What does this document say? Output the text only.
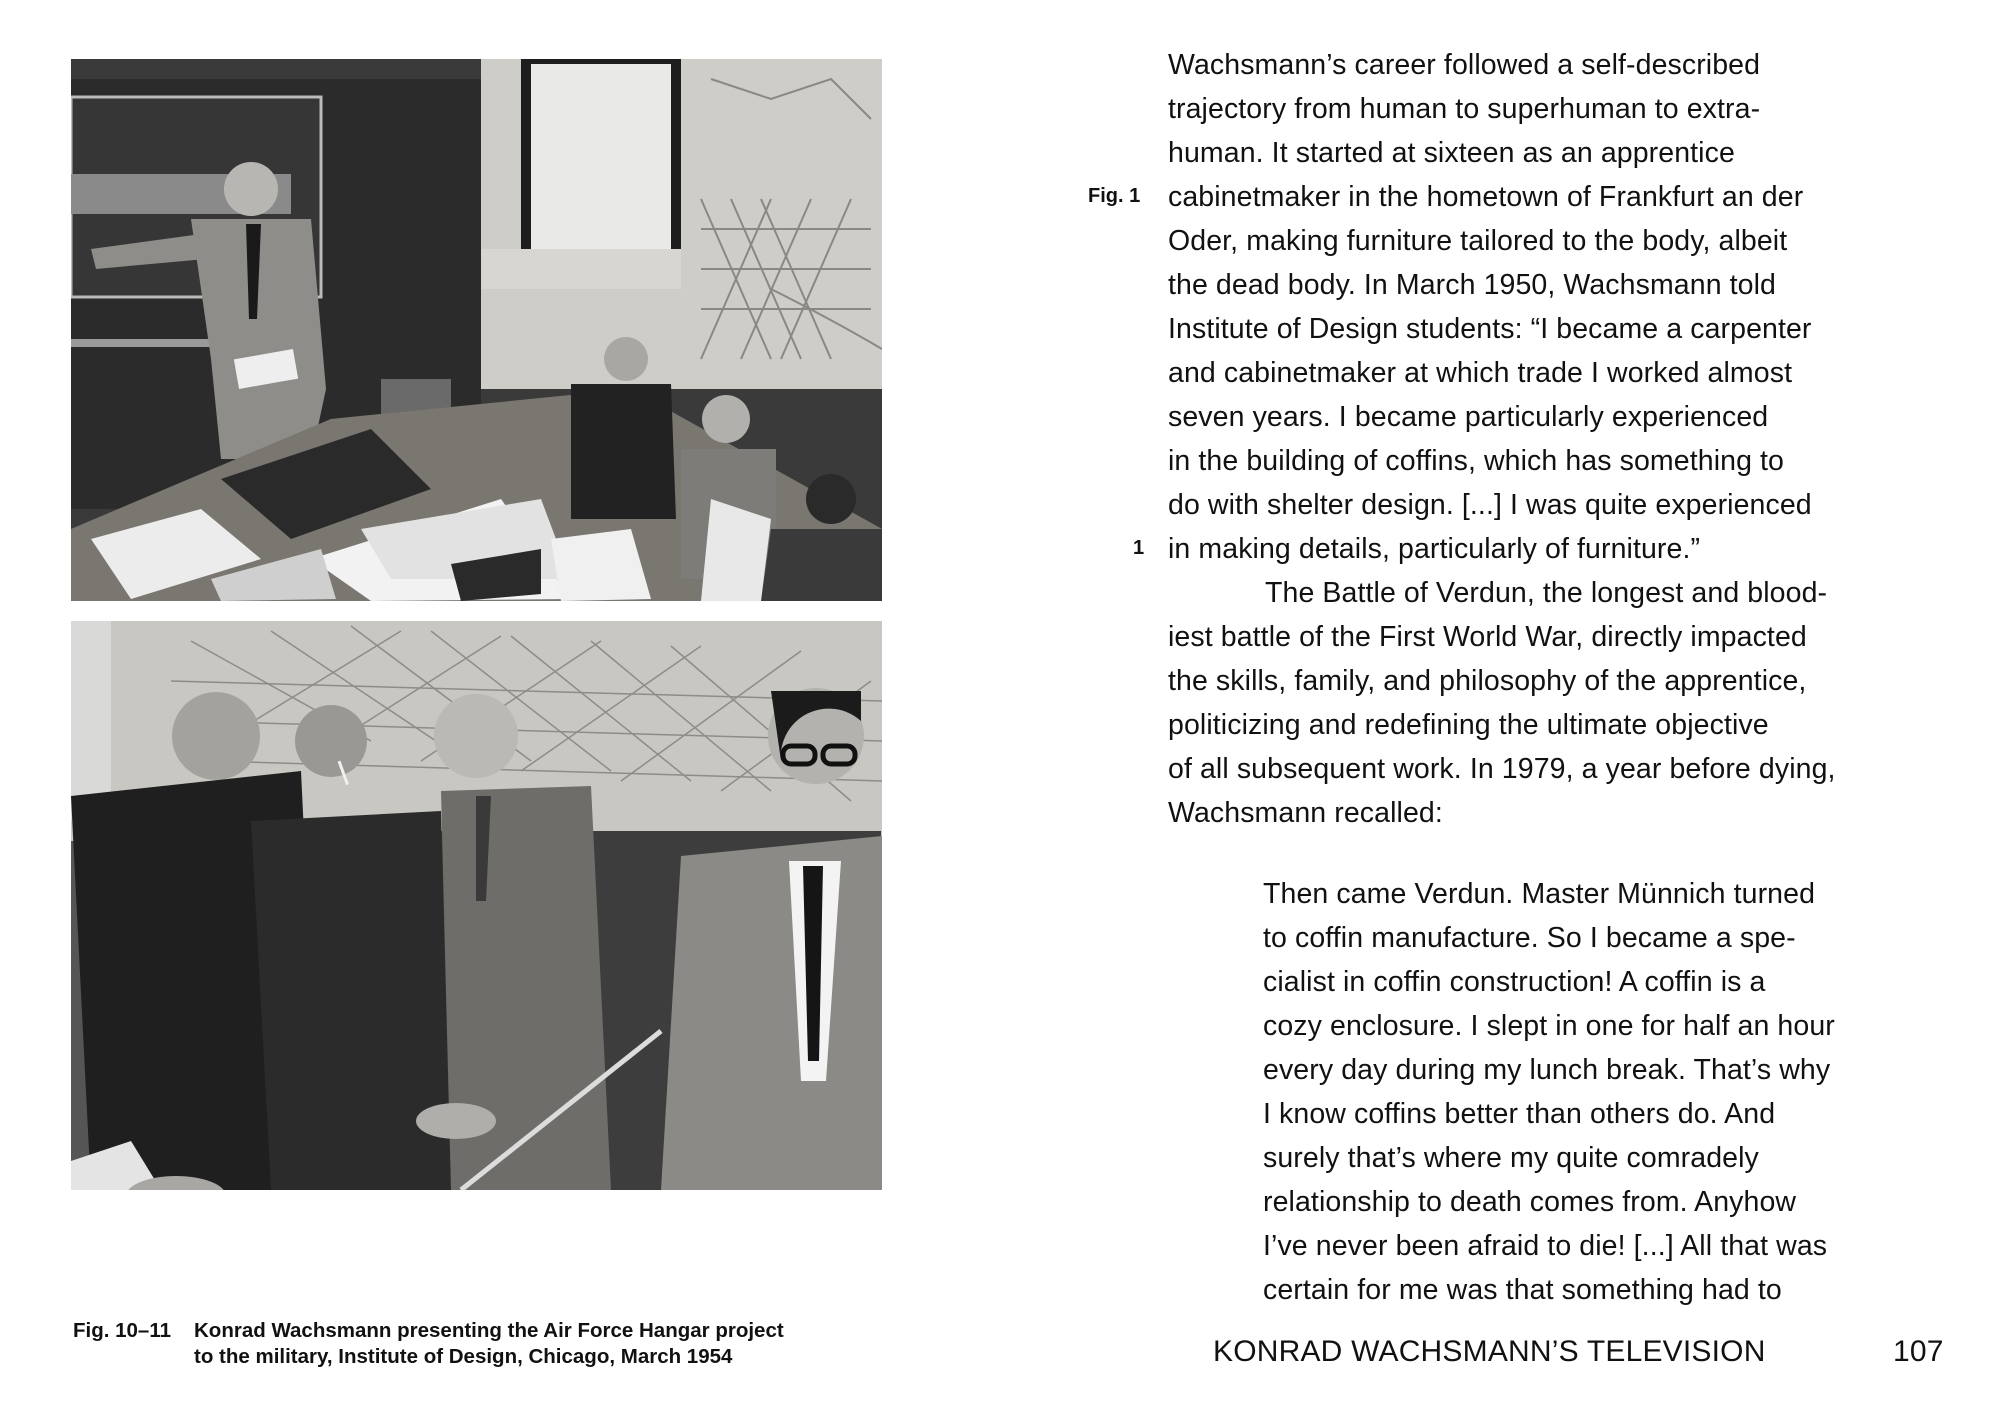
Fig. 10–11 Konrad Wachsmann presenting the Air Force Hangar project
to the military, Institute of Design, Chicago, March 1954
Fig. 1
1
Wachsmann’s career followed a self-described
trajectory from human to superhuman to extra-
human. It started at sixteen as an apprentice
cabinetmaker in the hometown of Frankfurt an der
Oder, making furniture tailored to the body, albeit
the dead body. In March 1950, Wachsmann told
Institute of Design students: “I became a carpenter
and cabinetmaker at which trade I worked almost
seven years. I became particularly experienced
in the building of coffins, which has something to
do with shelter design. [...] I was quite experienced
in making details, particularly of furniture.”
The Battle of Verdun, the longest and blood-
iest battle of the First World War, directly impacted
the skills, family, and philosophy of the apprentice,
politicizing and redefining the ultimate objective
of all subsequent work. In 1979, a year before dying,
Wachsmann recalled:
Then came Verdun. Master Münnich turned
to coffin manufacture. So I became a spe-
cialist in coffin construction! A coffin is a
cozy enclosure. I slept in one for half an hour
every day during my lunch break. That’s why
I know coffins better than others do. And
surely that’s where my quite comradely
relationship to death comes from. Anyhow
I’ve never been afraid to die! [...] All that was
certain for me was that something had to
KONRAD WACHSMANN’S TELEVISION	107
